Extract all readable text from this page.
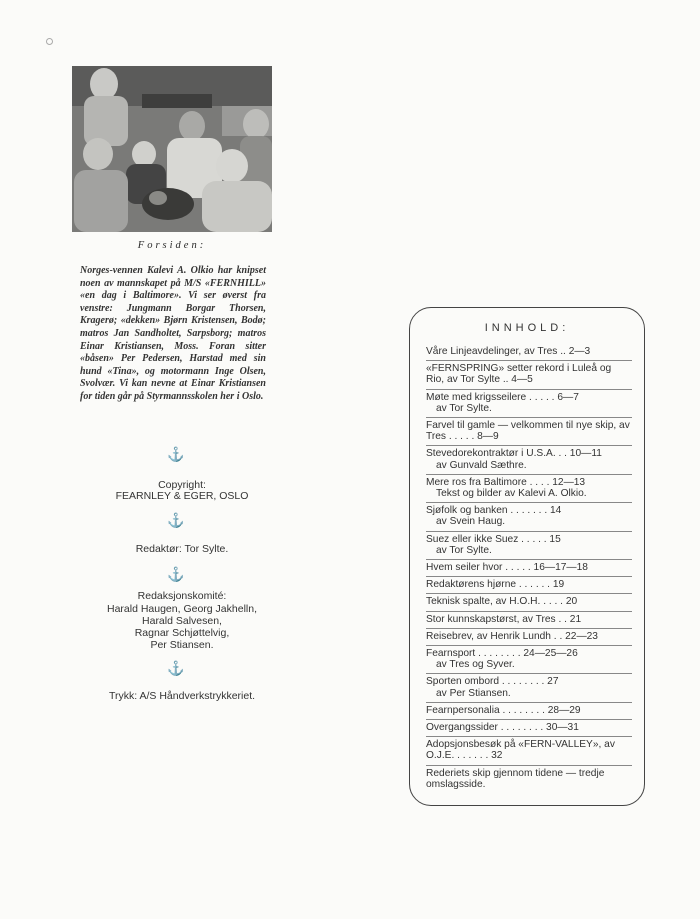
Forsiden:
Norges-vennen Kalevi A. Olkio har knipset noen av mannskapet på M/S «FERNHILL» «en dag i Baltimore». Vi ser øverst fra venstre: Jungmann Borgar Thorsen, Kragerø; «dekken» Bjørn Kristensen, Bodø; matros Jan Sandholtet, Sarpsborg; matros Einar Kristiansen, Moss. Foran sitter «båsen» Per Pedersen, Harstad med sin hund «Tina», og motormann Inge Olsen, Svolvær. Vi kan nevne at Einar Kristiansen for tiden går på Styrmannsskolen her i Oslo.
⚓
Copyright:
FEARNLEY & EGER, OSLO
⚓
Redaktør: Tor Sylte.
⚓
Redaksjonskomité:
Harald Haugen, Georg Jakhelln,
Harald Salvesen,
Ragnar Schjøttelvig,
Per Stiansen.
⚓
Trykk: A/S Håndverkstrykkeriet.
INNHOLD:
Våre Linjeavdelinger, av Tres .. 2—3
«FERNSPRING» setter rekord i Luleå og Rio, av Tor Sylte .. 4—5
Møte med krigsseilere . . . . . 6—7
av Tor Sylte.
Farvel til gamle — velkommen til nye skip, av Tres . . . . . 8—9
Stevedorekontraktør i U.S.A. . . 10—11
av Gunvald Sæthre.
Mere ros fra Baltimore . . . . 12—13
Tekst og bilder av Kalevi A. Olkio.
Sjøfolk og banken . . . . . . . 14
av Svein Haug.
Suez eller ikke Suez . . . . . 15
av Tor Sylte.
Hvem seiler hvor . . . . . 16—17—18
Redaktørens hjørne . . . . . . 19
Teknisk spalte, av H.O.H. . . . . 20
Stor kunnskapstørst, av Tres . . 21
Reisebrev, av Henrik Lundh . . 22—23
Fearnsport . . . . . . . . 24—25—26
av Tres og Syver.
Sporten ombord . . . . . . . . 27
av Per Stiansen.
Fearnpersonalia . . . . . . . . 28—29
Overgangssider . . . . . . . . 30—31
Adopsjonsbesøk på «FERN-VALLEY», av O.J.E. . . . . . . 32
Rederiets skip gjennom tidene — tredje omslagsside.
